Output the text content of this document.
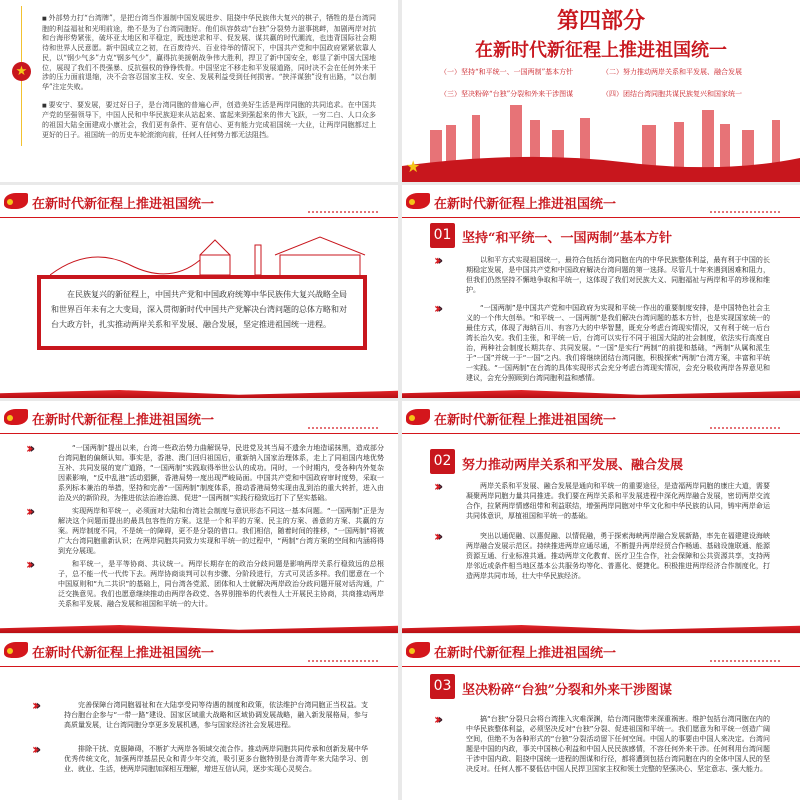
★
■ 外部势力打“台湾牌”，是把台湾当作遏制中国发展进步、阻挠中华民族伟大复兴的棋子，牺牲的是台湾同胞的利益福祉和光明前途，绝不是为了台湾同胞好。他们纵容鼓动“台独”分裂势力滋事挑衅，加剧两岸对抗和台海形势紧张，破坏亚太地区和平稳定，既违逆求和平、促发展、谋共赢的时代潮流，也违背国际社会期待和世界人民意愿。新中国成立之初，在百废待兴、百业待举的情况下，中国共产党和中国政府紧紧依靠人民，以“钢少气多”力克“钢多气少”，赢得抗美援朝战争伟大胜利，捍卫了新中国安全，彰显了新中国大国地位，展现了我们不畏强暴、反抗强权的铮铮铁骨。中国坚定不移走和平发展道路，同时决不会在任何外来干涉的压力面前退缩，决不会容忍国家主权、安全、发展利益受到任何损害。“挟洋谋独”没有出路，“以台制华”注定失败。
■ 要安宁、要发展，要过好日子，是台湾同胞的普遍心声，创造美好生活是两岸同胞的共同追求。在中国共产党的坚强领导下，中国人民和中华民族迎来从站起来、富起来到强起来的伟大飞跃，一穷二白、人口众多的祖国大陆全面建成小康社会，我们更有条件、更有信心、更有能力完成祖国统一大业，让两岸同胞都过上更好的日子。祖国统一的历史车轮滚滚向前，任何人任何势力都无法阻挡。
第四部分
在新时代新征程上推进祖国统一
（一）坚持“和平统一、一国两制”基本方针	（二）努力推动两岸关系和平发展、融合发展
（三）坚决粉碎“台独”分裂和外来干涉图谋	（四）团结台湾同胞共谋民族复兴和国家统一
★
在新时代新征程上推进祖国统一
在民族复兴的新征程上，中国共产党和中国政府统筹中华民族伟大复兴战略全局和世界百年未有之大变局，深入贯彻新时代中国共产党解决台湾问题的总体方略和对台大政方针，扎实推动两岸关系和平发展、融合发展，坚定推进祖国统一进程。
在新时代新征程上推进祖国统一
01 坚持“和平统一、一国两制”基本方针
›››	以和平方式实现祖国统一，最符合包括台湾同胞在内的中华民族整体利益，最有利于中国的长期稳定发展，是中国共产党和中国政府解决台湾问题的第一选择。尽管几十年来遇到困难和阻力，但我们仍然坚持不懈地争取和平统一，这体现了我们对民族大义、同胞福祉与两岸和平的珍视和维护。
›››	“一国两制”是中国共产党和中国政府为实现和平统一作出的重要制度安排，是中国特色社会主义的一个伟大创举。“和平统一、一国两制”是我们解决台湾问题的基本方针，也是实现国家统一的最佳方式，体现了海纳百川、有容乃大的中华智慧，既充分考虑台湾现实情况，又有利于统一后台湾长治久安。我们主张，和平统一后，台湾可以实行不同于祖国大陆的社会制度，依法实行高度自治，两种社会制度长期共存、共同发展。“一国”是实行“两制”的前提和基础，“两制”从属和派生于“一国”并统一于“一国”之内。我们将继续团结台湾同胞，积极探索“两制”台湾方案，丰富和平统一实践。“一国两制”在台湾的具体实现形式会充分考虑台湾现实情况，会充分吸收两岸各界意见和建议，会充分照顾到台湾同胞利益和感情。
在新时代新征程上推进祖国统一
›››	“一国两制”提出以来，台湾一些政治势力曲解误导，民进党及其当局不遗余力地造谣抹黑，造成部分台湾同胞的偏颇认知。事实是，香港、澳门回归祖国后，重新纳入国家治理体系，走上了同祖国内地优势互补、共同发展的宽广道路，“一国两制”实践取得举世公认的成功。同时，一个时期内，受各种内外复杂因素影响，“反中乱港”活动猖獗，香港局势一度出现严峻局面。中国共产党和中国政府审时度势，采取一系列标本兼治的举措，坚持和完善“一国两制”制度体系，推动香港局势实现由乱到治的重大转折，进入由治及兴的新阶段，为推进依法治港治澳、促进“一国两制”实践行稳致远打下了坚实基础。
›››	实现两岸和平统一，必须面对大陆和台湾社会制度与意识形态不同这一基本问题。“一国两制”正是为解决这个问题而提出的最具包容性的方案。这是一个和平的方案、民主的方案、善意的方案、共赢的方案。两岸制度不同，不是统一的障碍，更不是分裂的借口。我们相信，随着时间的推移，“一国两制”将被广大台湾同胞重新认识；在两岸同胞共同致力实现和平统一的过程中，“两制”台湾方案的空间和内涵将得到充分展现。
›››	和平统一，是平等协商、共议统一。两岸长期存在的政治分歧问题是影响两岸关系行稳致远的总根子，总不能一代一代传下去。两岸协商谈判可以有步骤、分阶段进行，方式可灵活多样。我们愿意在一个中国原则和“九二共识”的基础上，同台湾各党派、团体和人士就解决两岸政治分歧问题开展对话沟通，广泛交换意见。我们也愿意继续推动由两岸各政党、各界别推举的代表性人士开展民主协商，共商推动两岸关系和平发展、融合发展和祖国和平统一的大计。
在新时代新征程上推进祖国统一
02 努力推动两岸关系和平发展、融合发展
›››	两岸关系和平发展、融合发展是通向和平统一的重要途径，是造福两岸同胞的康庄大道，需要凝聚两岸同胞力量共同推进。我们要在两岸关系和平发展进程中深化两岸融合发展，密切两岸交流合作，拉紧两岸情感纽带和利益联结，增强两岸同胞对中华文化和中华民族的认同，铸牢两岸命运共同体意识，厚植祖国和平统一的基础。
›››	突出以通促融、以惠促融、以情促融，勇于探索海峡两岸融合发展新路，率先在福建建设海峡两岸融合发展示范区。持续推进两岸应通尽通，不断提升两岸经贸合作畅通、基础设施联通、能源资源互通、行业标准共通。推动两岸文化教育、医疗卫生合作，社会保障和公共资源共享，支持两岸邻近或条件相当地区基本公共服务均等化、普惠化、便捷化。积极推进两岸经济合作制度化，打造两岸共同市场，壮大中华民族经济。
在新时代新征程上推进祖国统一
›››	完善保障台湾同胞福祉和在大陆享受同等待遇的制度和政策，依法维护台湾同胞正当权益。支持台胞台企参与“一带一路”建设、国家区域重大战略和区域协调发展战略，融入新发展格局，参与高质量发展，让台湾同胞分享更多发展机遇，参与国家经济社会发展进程。
›››	排除干扰、克服障碍，不断扩大两岸各领域交流合作。推动两岸同胞共同传承和创新发展中华优秀传统文化，加强两岸基层民众和青少年交流，吸引更多台胞特别是台湾青年来大陆学习、创业、就业、生活，使两岸同胞加深相互理解，增进互信认同，逐步实现心灵契合。
在新时代新征程上推进祖国统一
03 坚决粉碎“台独”分裂和外来干涉图谋
›››	搞“台独”分裂只会将台湾推入灾难深渊，给台湾同胞带来深重祸害。维护包括台湾同胞在内的中华民族整体利益，必须坚决反对“台独”分裂、促进祖国和平统一。我们愿意为和平统一创造广阔空间，但绝不为各种形式的“台独”分裂活动留下任何空间。中国人的事要由中国人来决定。台湾问题是中国的内政，事关中国核心利益和中国人民民族感情，不容任何外来干涉。任何利用台湾问题干涉中国内政、阻挠中国统一进程的图谋和行径，都将遭到包括台湾同胞在内的全体中国人民的坚决反对。任何人都不要低估中国人民捍卫国家主权和领土完整的坚强决心、坚定意志、强大能力。
